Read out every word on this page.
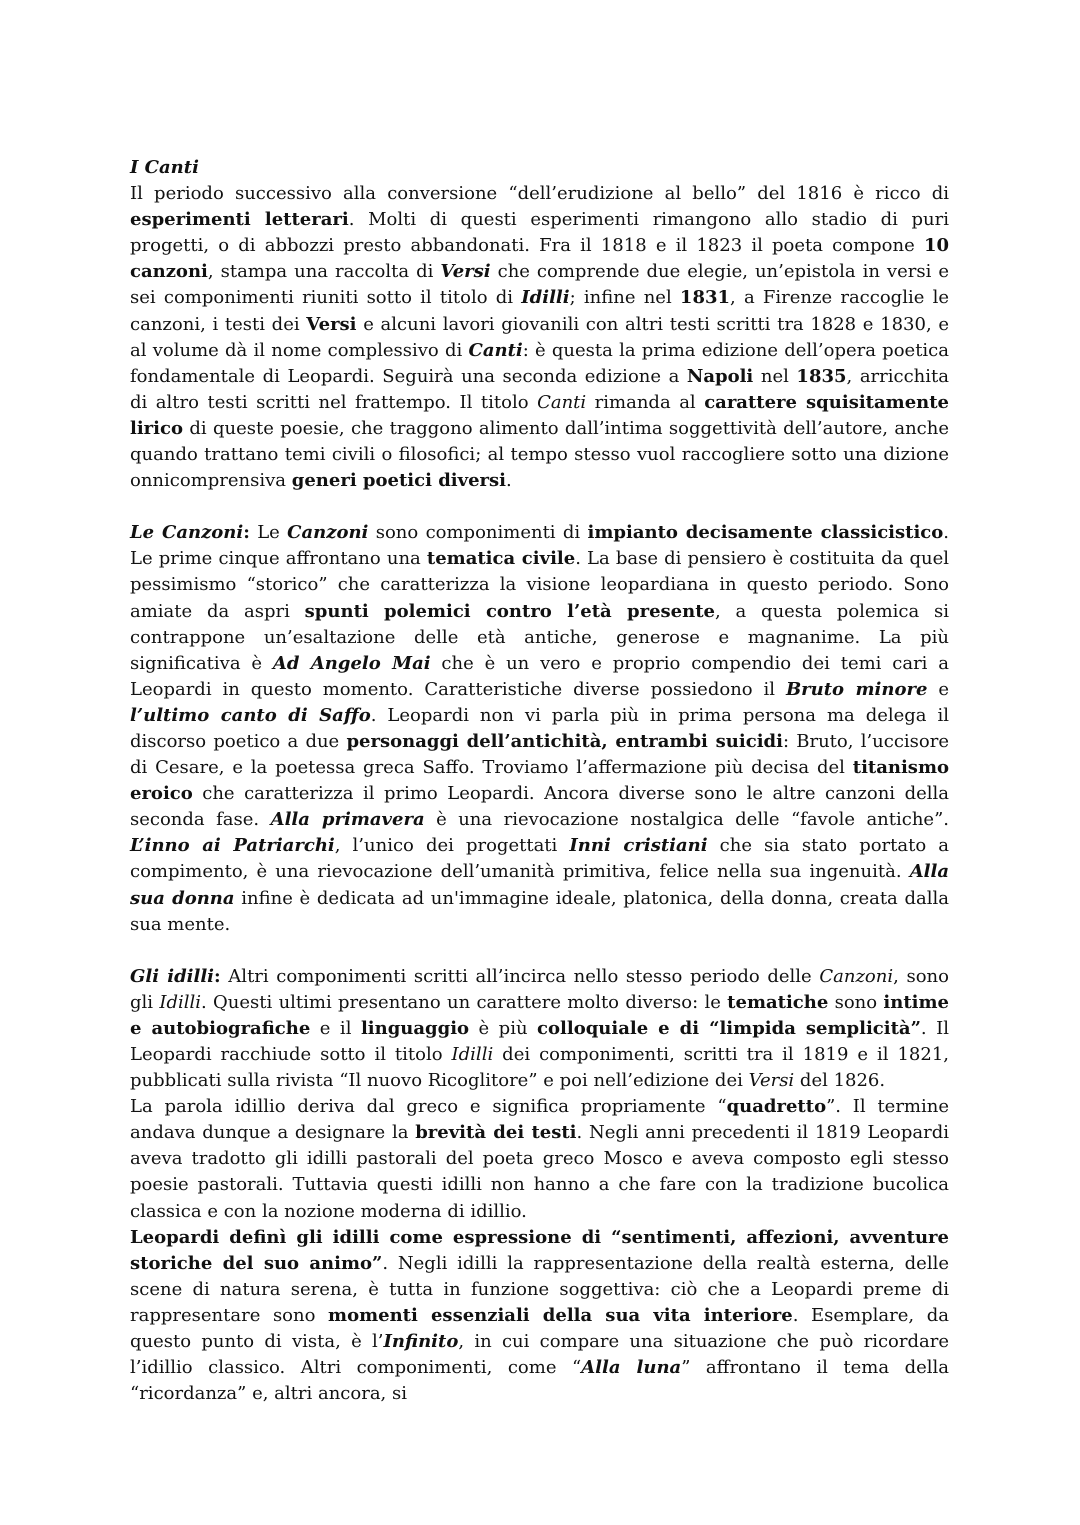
I Canti

Il periodo successivo alla conversione “dell’erudizione al bello” del 1816 è ricco di esperimenti letterari. Molti di questi esperimenti rimangono allo stadio di puri progetti, o di abbozzi presto abbandonati. Fra il 1818 e il 1823 il poeta compone 10 canzoni, stampa una raccolta di Versi che comprende due elegie, un’epistola in versi e sei componimenti riuniti sotto il titolo di Idilli; infine nel 1831, a Firenze raccoglie le canzoni, i testi dei Versi e alcuni lavori giovanili con altri testi scritti tra 1828 e 1830, e al volume dà il nome complessivo di Canti: è questa la prima edizione dell’opera poetica fondamentale di Leopardi. Seguirà una seconda edizione a Napoli nel 1835, arricchita di altro testi scritti nel frattempo. Il titolo Canti rimanda al carattere squisitamente lirico di queste poesie, che traggono alimento dall’intima soggettività dell’autore, anche quando trattano temi civili o filosofici; al tempo stesso vuol raccogliere sotto una dizione onnicomprensiva generi poetici diversi.

Le Canzoni: Le Canzoni sono componimenti di impianto decisamente classicistico. Le prime cinque affrontano una tematica civile. La base di pensiero è costituita da quel pessimismo “storico” che caratterizza la visione leopardiana in questo periodo. Sono amiate da aspri spunti polemici contro l’età presente, a questa polemica si contrappone un’esaltazione delle età antiche, generose e magnanime. La più significativa è Ad Angelo Mai che è un vero e proprio compendio dei temi cari a Leopardi in questo momento. Caratteristiche diverse possiedono il Bruto minore e l’ultimo canto di Saffo. Leopardi non vi parla più in prima persona ma delega il discorso poetico a due personaggi dell’antichità, entrambi suicidi: Bruto, l’uccisore di Cesare, e la poetessa greca Saffo. Troviamo l’affermazione più decisa del titanismo eroico che caratterizza il primo Leopardi. Ancora diverse sono le altre canzoni della seconda fase. Alla primavera è una rievocazione nostalgica delle “favole antiche”. L’inno ai Patriarchi, l’unico dei progettati Inni cristiani che sia stato portato a compimento, è una rievocazione dell’umanità primitiva, felice nella sua ingenuità. Alla sua donna infine è dedicata ad un'immagine ideale, platonica, della donna, creata dalla sua mente.

Gli idilli: Altri componimenti scritti all’incirca nello stesso periodo delle Canzoni, sono gli Idilli. Questi ultimi presentano un carattere molto diverso: le tematiche sono intime e autobiografiche e il linguaggio è più colloquiale e di “limpida semplicità”. Il Leopardi racchiude sotto il titolo Idilli dei componimenti, scritti tra il 1819 e il 1821, pubblicati sulla rivista “Il nuovo Ricoglitore” e poi nell’edizione dei Versi del 1826.

La parola idillio deriva dal greco e significa propriamente “quadretto”. Il termine andava dunque a designare la brevità dei testi. Negli anni precedenti il 1819 Leopardi aveva tradotto gli idilli pastorali del poeta greco Mosco e aveva composto egli stesso poesie pastorali. Tuttavia questi idilli non hanno a che fare con la tradizione bucolica classica e con la nozione moderna di idillio.

Leopardi definì gli idilli come espressione di “sentimenti, affezioni, avventure storiche del suo animo”. Negli idilli la rappresentazione della realtà esterna, delle scene di natura serena, è tutta in funzione soggettiva: ciò che a Leopardi preme di rappresentare sono momenti essenziali della sua vita interiore. Esemplare, da questo punto di vista, è l’Infinito, in cui compare una situazione che può ricordare l’idillio classico. Altri componimenti, come “Alla luna” affrontano il tema della “ricordanza” e, altri ancora, si
